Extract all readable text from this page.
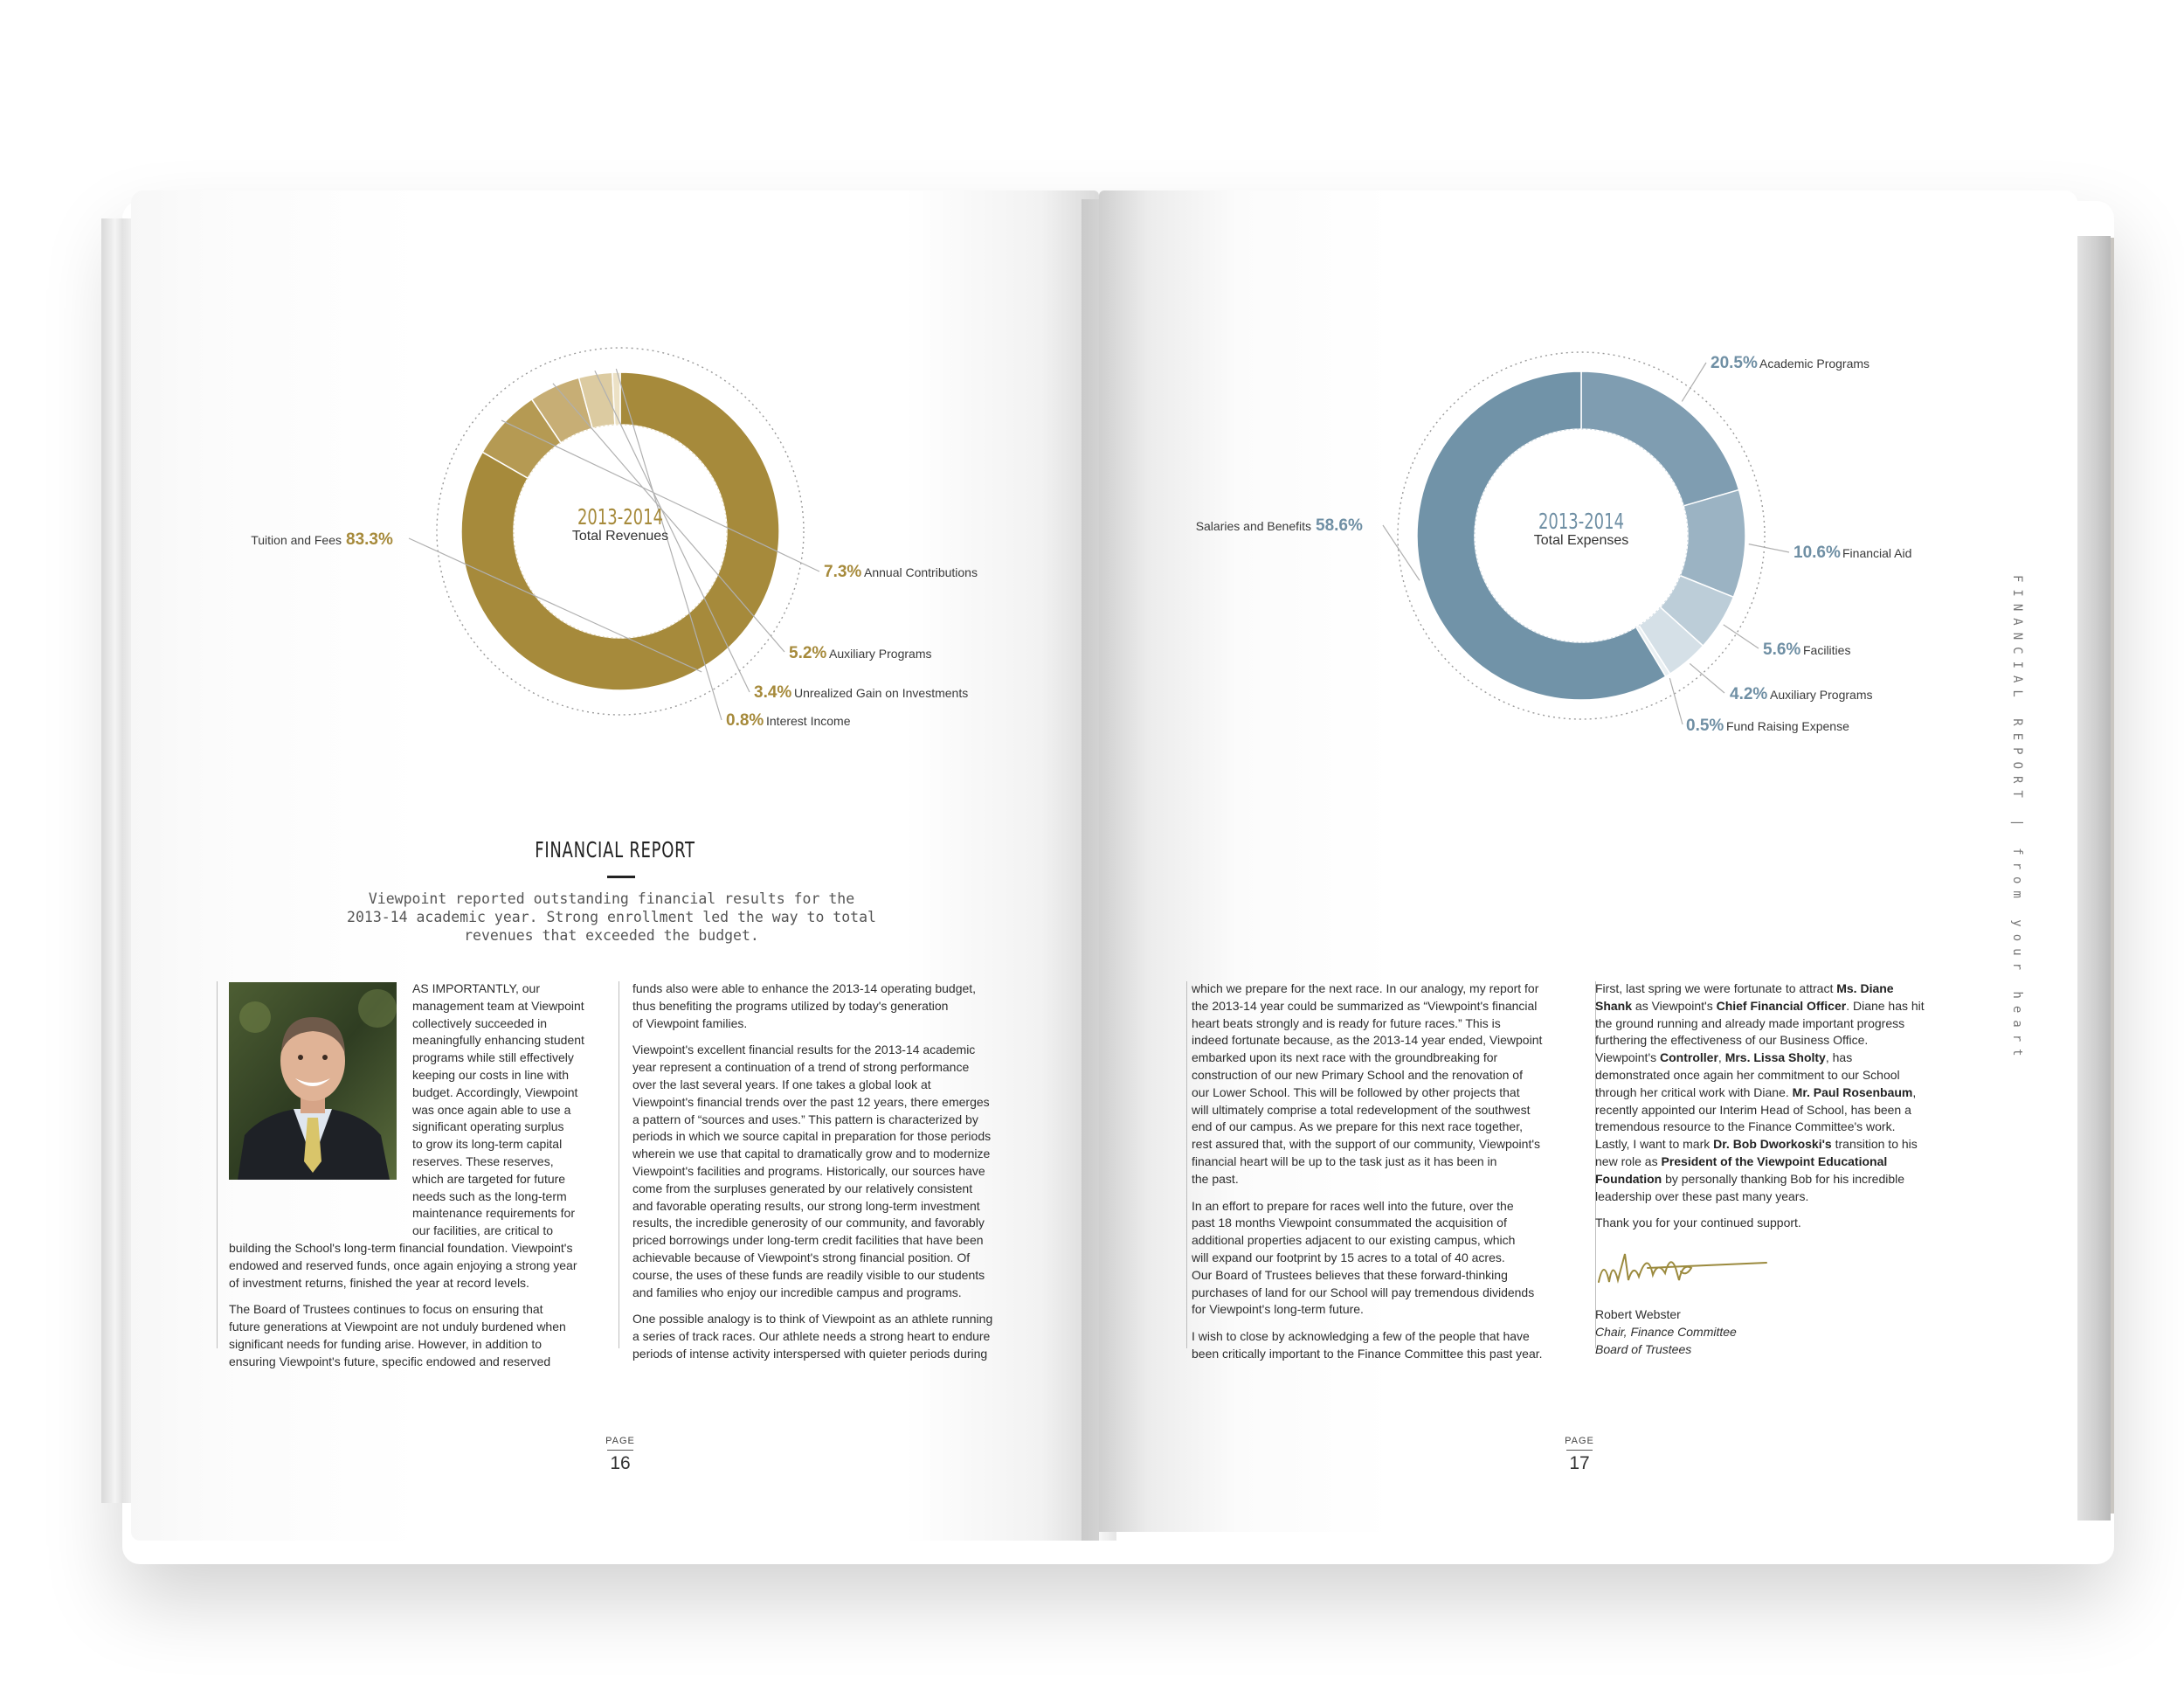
2013-2014
Total Revenues
Tuition and Fees 83.3%
7.3% Annual Contributions
5.2% Auxiliary Programs
3.4% Unrealized Gain on Investments
0.8% Interest Income
FINANCIAL REPORT
Viewpoint reported outstanding financial results for the
2013-14 academic year. Strong enrollment led the way to total
revenues that exceeded the budget.
AS IMPORTANTLY, our
management team at Viewpoint
collectively succeeded in
meaningfully enhancing student
programs while still effectively
keeping our costs in line with
budget. Accordingly, Viewpoint
was once again able to use a
significant operating surplus
to grow its long-term capital
reserves. These reserves,
which are targeted for future
needs such as the long-term
maintenance requirements for
our facilities, are critical to

building the School's long-term financial foundation. Viewpoint's
endowed and reserved funds, once again enjoying a strong year
of investment returns, finished the year at record levels.

The Board of Trustees continues to focus on ensuring that
future generations at Viewpoint are not unduly burdened when
significant needs for funding arise. However, in addition to
ensuring Viewpoint's future, specific endowed and reserved

funds also were able to enhance the 2013-14 operating budget,
thus benefiting the programs utilized by today's generation
of Viewpoint families.

Viewpoint's excellent financial results for the 2013-14 academic
year represent a continuation of a trend of strong performance
over the last several years. If one takes a global look at
Viewpoint's financial trends over the past 12 years, there emerges
a pattern of “sources and uses.” This pattern is characterized by
periods in which we source capital in preparation for those periods
wherein we use that capital to dramatically grow and to modernize
Viewpoint's facilities and programs. Historically, our sources have
come from the surpluses generated by our relatively consistent
and favorable operating results, our strong long-term investment
results, the incredible generosity of our community, and favorably
priced borrowings under long-term credit facilities that have been
achievable because of Viewpoint's strong financial position. Of
course, the uses of these funds are readily visible to our students
and families who enjoy our incredible campus and programs.

One possible analogy is to think of Viewpoint as an athlete running
a series of track races. Our athlete needs a strong heart to endure
periods of intense activity interspersed with quieter periods during

PAGE
16
2013-2014
Total Expenses
Salaries and Benefits 58.6%
20.5% Academic Programs
10.6% Financial Aid
5.6% Facilities
4.2% Auxiliary Programs
0.5% Fund Raising Expense

which we prepare for the next race. In our analogy, my report for
the 2013-14 year could be summarized as “Viewpoint's financial
heart beats strongly and is ready for future races.” This is
indeed fortunate because, as the 2013-14 year ended, Viewpoint
embarked upon its next race with the groundbreaking for
construction of our new Primary School and the renovation of
our Lower School. This will be followed by other projects that
will ultimately comprise a total redevelopment of the southwest
end of our campus. As we prepare for this next race together,
rest assured that, with the support of our community, Viewpoint's
financial heart will be up to the task just as it has been in
the past.

In an effort to prepare for races well into the future, over the
past 18 months Viewpoint consummated the acquisition of
additional properties adjacent to our existing campus, which
will expand our footprint by 15 acres to a total of 40 acres.
Our Board of Trustees believes that these forward-thinking
purchases of land for our School will pay tremendous dividends
for Viewpoint's long-term future.

I wish to close by acknowledging a few of the people that have
been critically important to the Finance Committee this past year.

First, last spring we were fortunate to attract Ms. Diane Shank as Viewpoint's Chief Financial Officer. Diane has hit the ground running and already made important progress furthering the effectiveness of our Business Office. Viewpoint's Controller, Mrs. Lissa Sholty, has demonstrated once again her commitment to our School through her critical work with Diane. Mr. Paul Rosenbaum, recently appointed our Interim Head of School, has been a tremendous resource to the Finance Committee's work. Lastly, I want to mark Dr. Bob Dworkoski's transition to his new role as President of the Viewpoint Educational Foundation by personally thanking Bob for his incredible leadership over these past many years.

Thank you for your continued support.

Robert Webster
Chair, Finance Committee
Board of Trustees
FINANCIAL REPORT | from your heart
PAGE
17
